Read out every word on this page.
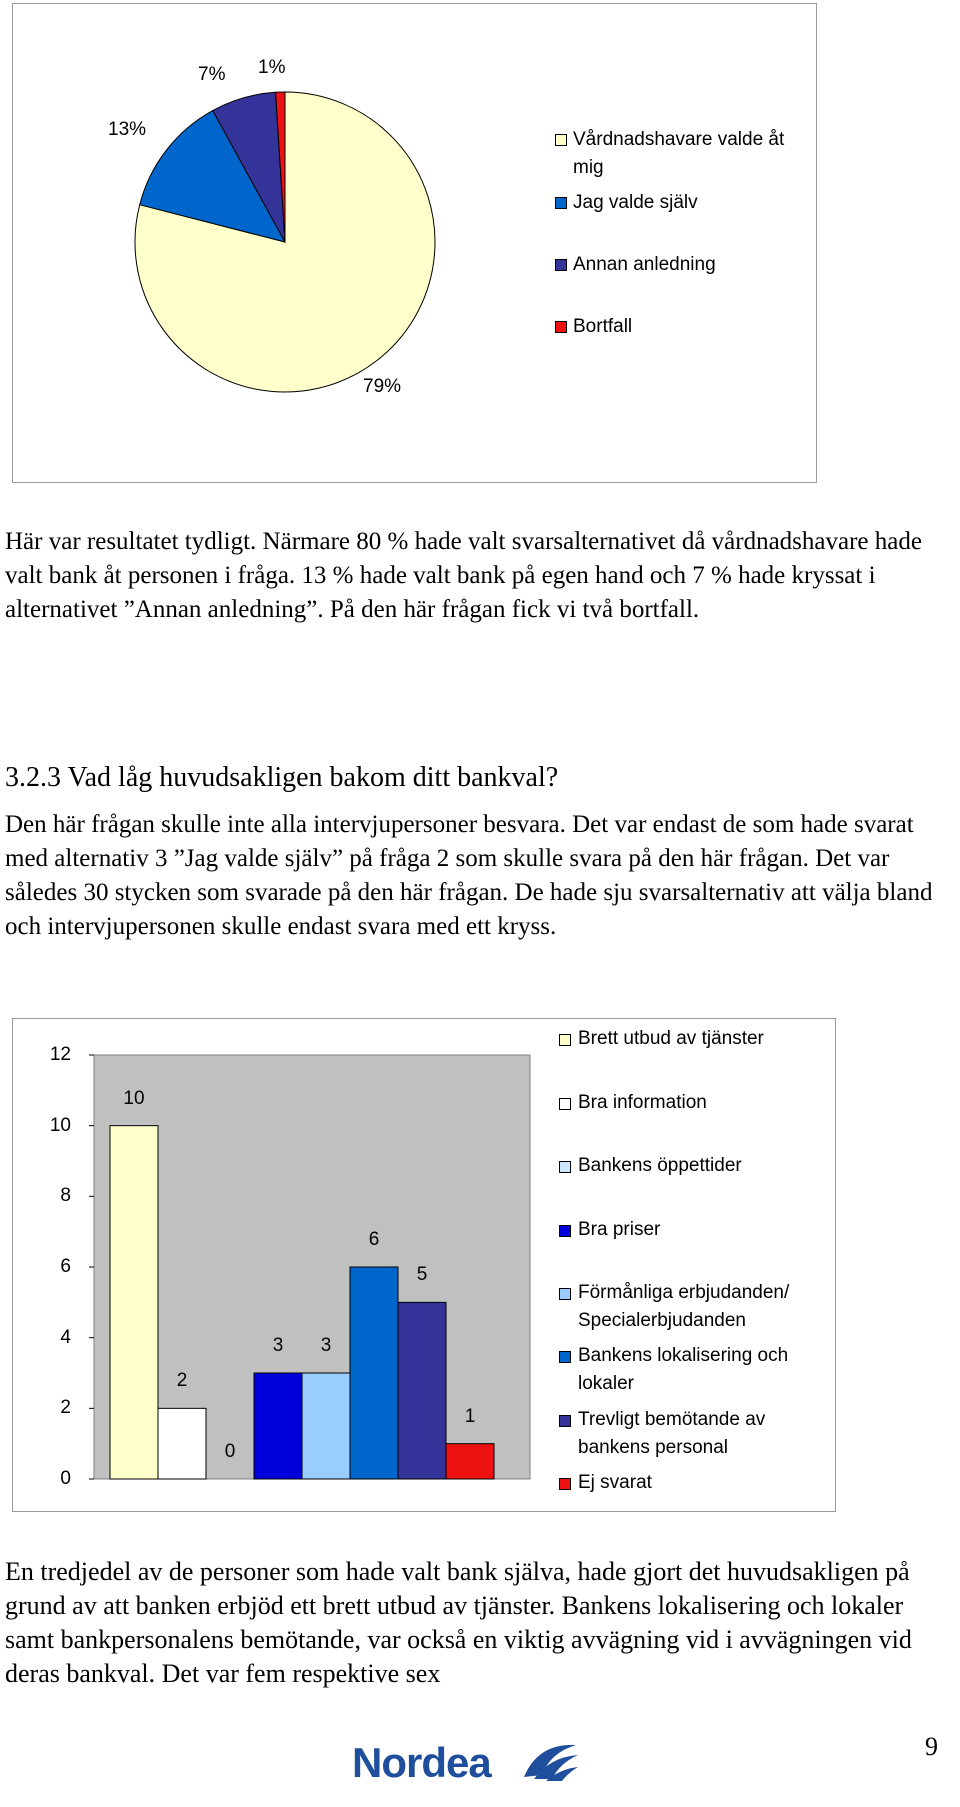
Vårdnadshavare valde åt mig
Jag valde själv
Annan anledning
Bortfall
79%
13%
7% 1%

Här var resultatet tydligt. Närmare 80 % hade valt svarsalternativet då vårdnadshavare hade valt bank åt personen i fråga. 13 % hade valt bank på egen hand och 7 % hade kryssat i alternativet ”Annan anledning”. På den här frågan fick vi två bortfall.

3.2.3 Vad låg huvudsakligen bakom ditt bankval?

Den här frågan skulle inte alla intervjupersoner besvara. Det var endast de som hade svarat med alternativ 3 ”Jag valde själv” på fråga 2 som skulle svara på den här frågan. Det var således 30 stycken som svarade på den här frågan. De hade sju svarsalternativ att välja bland och intervjupersonen skulle endast svara med ett kryss.

0
2
4
6
8
10
12
10
2
0
3	3
6
5
1
Brett utbud av tjänster
Bra information
Bankens öppettider
Bra priser
Förmånliga erbjudanden/ Specialerbjudanden
Bankens lokalisering och lokaler
Trevligt bemötande av bankens personal
Ej svarat

En tredjedel av de personer som hade valt bank själva, hade gjort det huvudsakligen på grund av att banken erbjöd ett brett utbud av tjänster. Bankens lokalisering och lokaler samt bankpersonalens bemötande, var också en viktig avvägning vid i avvägningen vid deras bankval. Det var fem respektive sex

9
Nordea
